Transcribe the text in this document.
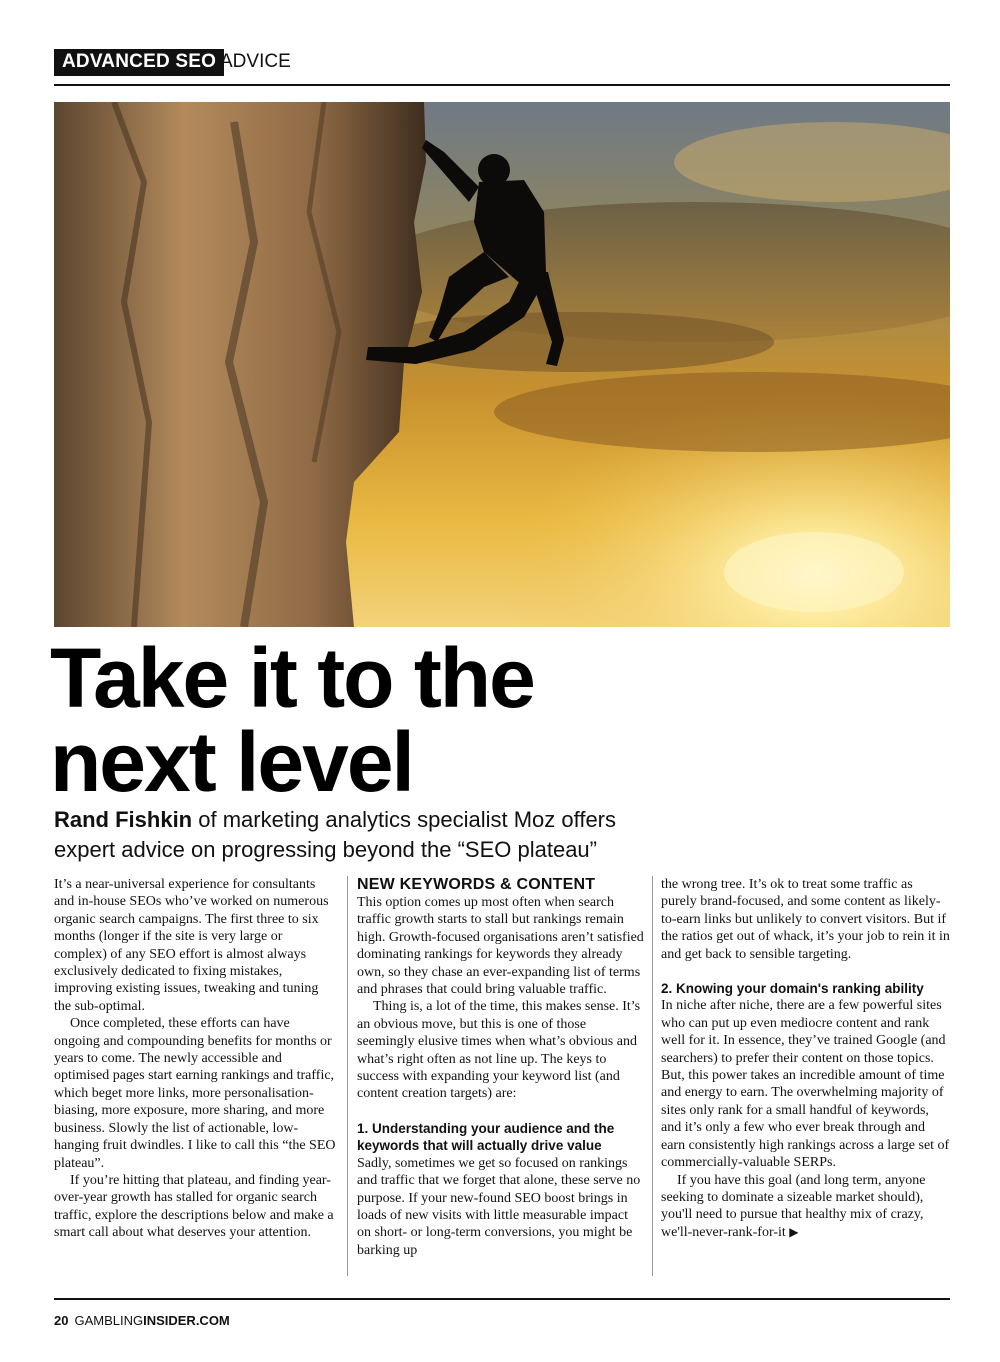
ADVANCED SEO ADVICE
Take it to the
next level

Rand Fishkin of marketing analytics specialist Moz offers
expert advice on progressing beyond the “SEO plateau”

It’s a near-universal experience for consultants and in-house SEOs who’ve worked on numerous organic search campaigns. The first three to six months (longer if the site is very large or complex) of any SEO effort is almost always exclusively dedicated to fixing mistakes, improving existing issues, tweaking and tuning the sub-optimal.

Once completed, these efforts can have ongoing and compounding benefits for months or years to come. The newly accessible and optimised pages start earning rankings and traffic, which beget more links, more personalisation-biasing, more exposure, more sharing, and more business. Slowly the list of actionable, low-hanging fruit dwindles. I like to call this “the SEO plateau”.

If you’re hitting that plateau, and finding year-over-year growth has stalled for organic search traffic, explore the descriptions below and make a smart call about what deserves your attention.

NEW KEYWORDS & CONTENT

This option comes up most often when search traffic growth starts to stall but rankings remain high. Growth-focused organisations aren’t satisfied dominating rankings for keywords they already own, so they chase an ever-expanding list of terms and phrases that could bring valuable traffic.

Thing is, a lot of the time, this makes sense. It’s an obvious move, but this is one of those seemingly elusive times when what’s obvious and what’s right often as not line up. The keys to success with expanding your keyword list (and content creation targets) are:

1. Understanding your audience and the keywords that will actually drive value

Sadly, sometimes we get so focused on rankings and traffic that we forget that alone, these serve no purpose. If your new-found SEO boost brings in loads of new visits with little measurable impact on short- or long-term conversions, you might be barking up

the wrong tree. It’s ok to treat some traffic as purely brand-focused, and some content as likely-to-earn links but unlikely to convert visitors. But if the ratios get out of whack, it’s your job to rein it in and get back to sensible targeting.

2. Knowing your domain's ranking ability

In niche after niche, there are a few powerful sites who can put up even mediocre content and rank well for it. In essence, they’ve trained Google (and searchers) to prefer their content on those topics. But, this power takes an incredible amount of time and energy to earn. The overwhelming majority of sites only rank for a small handful of keywords, and it’s only a few who ever break through and earn consistently high rankings across a large set of commercially-valuable SERPs.

If you have this goal (and long term, anyone seeking to dominate a sizeable market should), you'll need to pursue that healthy mix of crazy, we'll-never-rank-for-it ▶

20 GAMBLINGINSIDER.COM
